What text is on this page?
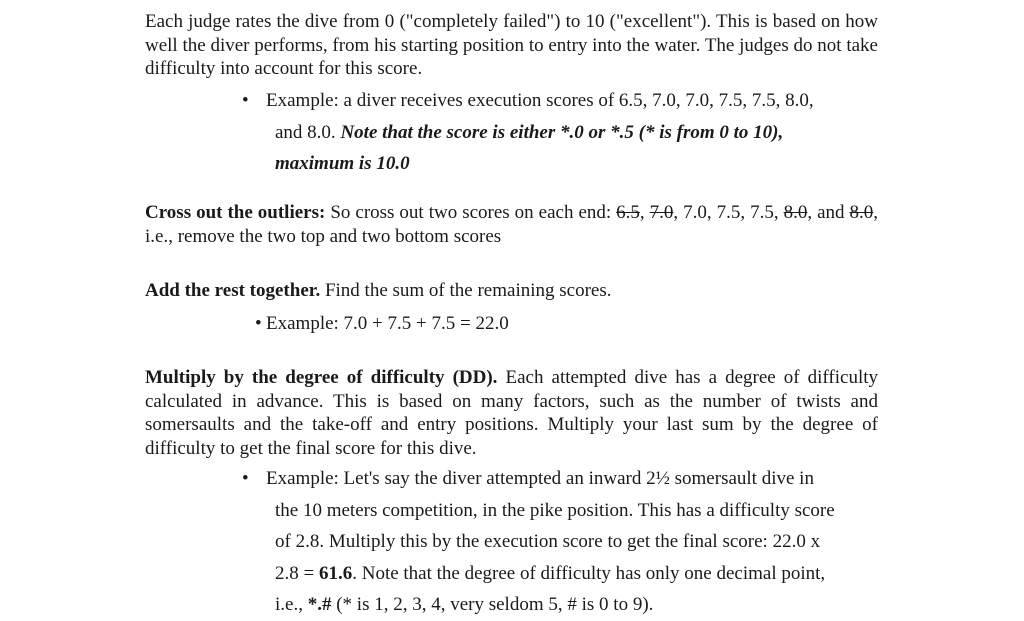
Each judge rates the dive from 0 ("completely failed") to 10 ("excellent"). This is based on how well the diver performs, from his starting position to entry into the water. The judges do not take difficulty into account for this score.

• Example: a diver receives execution scores of 6.5, 7.0, 7.0, 7.5, 7.5, 8.0,
and 8.0. Note that the score is either *.0 or *.5 (* is from 0 to 10),
maximum is 10.0

Cross out the outliers: So cross out two scores on each end: 6.5, 7.0, 7.0, 7.5, 7.5, 8.0, and 8.0, i.e., remove the two top and two bottom scores

Add the rest together. Find the sum of the remaining scores.

• Example: 7.0 + 7.5 + 7.5 = 22.0

Multiply by the degree of difficulty (DD). Each attempted dive has a degree of difficulty calculated in advance. This is based on many factors, such as the number of twists and somersaults and the take-off and entry positions. Multiply your last sum by the degree of difficulty to get the final score for this dive.

• Example: Let's say the diver attempted an inward 2½ somersault dive in
the 10 meters competition, in the pike position. This has a difficulty score
of 2.8. Multiply this by the execution score to get the final score: 22.0 x
2.8 = 61.6. Note that the degree of difficulty has only one decimal point,
i.e., *.# (* is 1, 2, 3, 4, very seldom 5, # is 0 to 9).
